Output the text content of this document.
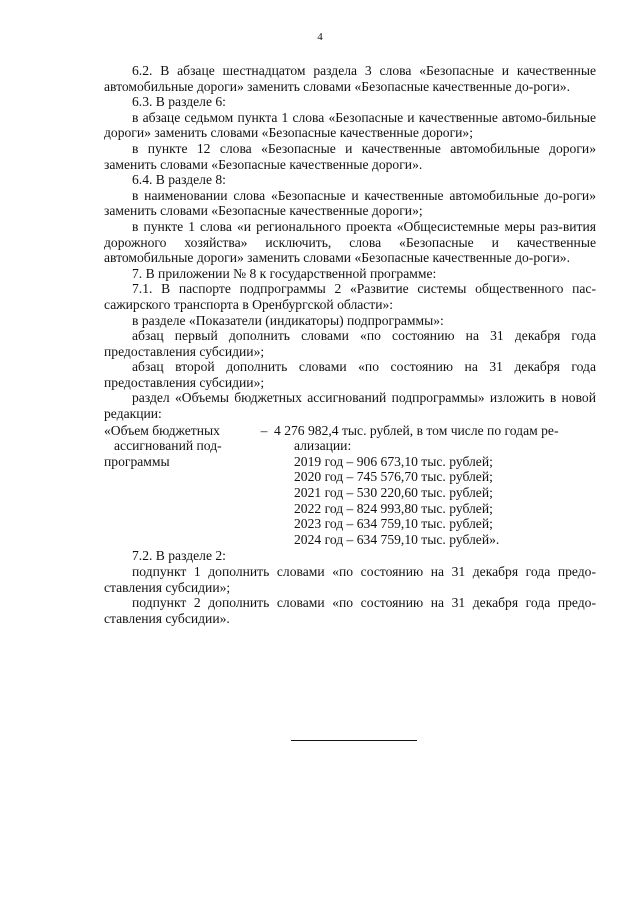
4
6.2. В абзаце шестнадцатом раздела 3 слова «Безопасные и качественные автомобильные дороги» заменить словами «Безопасные качественные до-роги».
6.3. В разделе 6:
в абзаце седьмом пункта 1 слова «Безопасные и качественные автомо-бильные дороги» заменить словами «Безопасные качественные дороги»;
в пункте 12 слова «Безопасные и качественные автомобильные дороги» заменить словами «Безопасные качественные дороги».
6.4. В разделе 8:
в наименовании слова «Безопасные и качественные автомобильные до-роги» заменить словами «Безопасные качественные дороги»;
в пункте 1 слова «и регионального проекта «Общесистемные меры раз-вития дорожного хозяйства» исключить, слова «Безопасные и качественные автомобильные дороги» заменить словами «Безопасные качественные до-роги».
7. В приложении № 8 к государственной программе:
7.1. В паспорте подпрограммы 2 «Развитие системы общественного пас-сажирского транспорта в Оренбургской области»:
в разделе «Показатели (индикаторы) подпрограммы»:
абзац первый дополнить словами «по состоянию на 31 декабря года предоставления субсидии»;
абзац второй дополнить словами «по состоянию на 31 декабря года предоставления субсидии»;
раздел «Объемы бюджетных ассигнований подпрограммы» изложить в новой редакции:
«Объем бюджетных
ассигнований под-
программы
– 4 276 982,4 тыс. рублей, в том числе по годам ре-
ализации:
2019 год – 906 673,10 тыс. рублей;
2020 год – 745 576,70 тыс. рублей;
2021 год – 530 220,60 тыс. рублей;
2022 год – 824 993,80 тыс. рублей;
2023 год – 634 759,10 тыс. рублей;
2024 год – 634 759,10 тыс. рублей».
7.2. В разделе 2:
подпункт 1 дополнить словами «по состоянию на 31 декабря года предо-ставления субсидии»;
подпункт 2 дополнить словами «по состоянию на 31 декабря года предо-ставления субсидии».
